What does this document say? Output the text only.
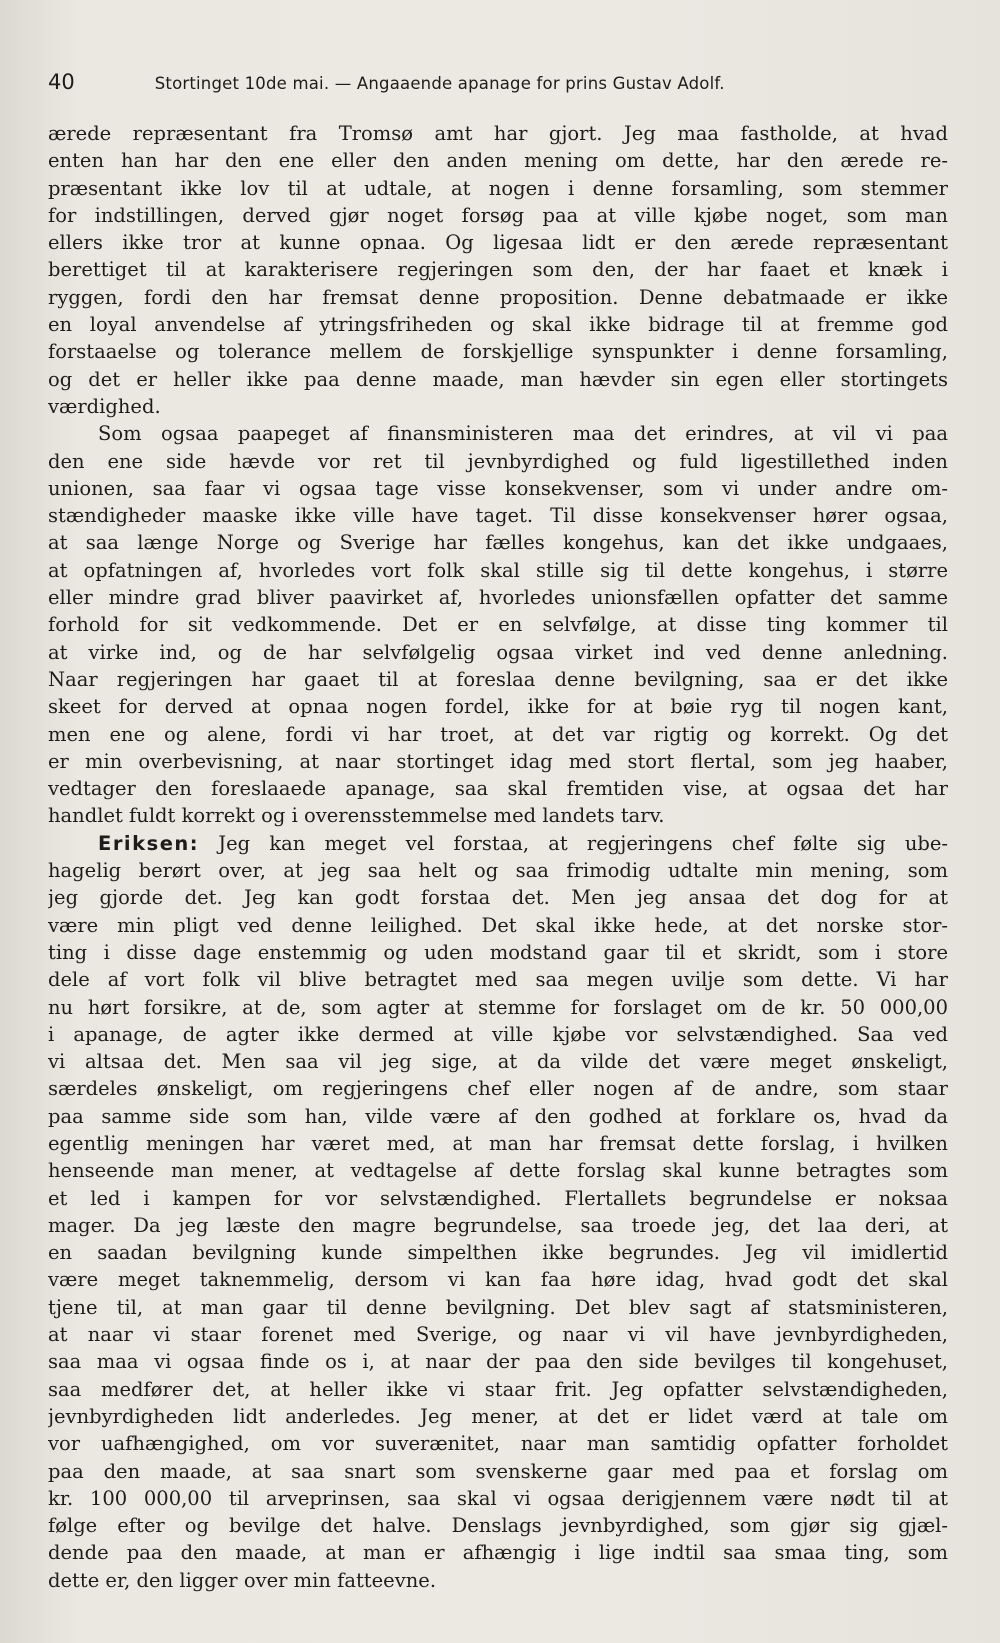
40	Stortinget 10de mai. — Angaaende apanage for prins Gustav Adolf.
ærede repræsentant fra Tromsø amt har gjort. Jeg maa fastholde, at hvad
enten han har den ene eller den anden mening om dette, har den ærede re-
præsentant ikke lov til at udtale, at nogen i denne forsamling, som stemmer
for indstillingen, derved gjør noget forsøg paa at ville kjøbe noget, som man
ellers ikke tror at kunne opnaa. Og ligesaa lidt er den ærede repræsentant
berettiget til at karakterisere regjeringen som den, der har faaet et knæk i
ryggen, fordi den har fremsat denne proposition. Denne debatmaade er ikke
en loyal anvendelse af ytringsfriheden og skal ikke bidrage til at fremme god
forstaaelse og tolerance mellem de forskjellige synspunkter i denne forsamling,
og det er heller ikke paa denne maade, man hævder sin egen eller stortingets
værdighed.
Som ogsaa paapeget af finansministeren maa det erindres, at vil vi paa
den ene side hævde vor ret til jevnbyrdighed og fuld ligestillethed inden
unionen, saa faar vi ogsaa tage visse konsekvenser, som vi under andre om-
stændigheder maaske ikke ville have taget. Til disse konsekvenser hører ogsaa,
at saa længe Norge og Sverige har fælles kongehus, kan det ikke undgaaes,
at opfatningen af, hvorledes vort folk skal stille sig til dette kongehus, i større
eller mindre grad bliver paavirket af, hvorledes unionsfællen opfatter det samme
forhold for sit vedkommende. Det er en selvfølge, at disse ting kommer til
at virke ind, og de har selvfølgelig ogsaa virket ind ved denne anledning.
Naar regjeringen har gaaet til at foreslaa denne bevilgning, saa er det ikke
skeet for derved at opnaa nogen fordel, ikke for at bøie ryg til nogen kant,
men ene og alene, fordi vi har troet, at det var rigtig og korrekt. Og det
er min overbevisning, at naar stortinget idag med stort flertal, som jeg haaber,
vedtager den foreslaaede apanage, saa skal fremtiden vise, at ogsaa det har
handlet fuldt korrekt og i overensstemmelse med landets tarv.
Eriksen: Jeg kan meget vel forstaa, at regjeringens chef følte sig ube-
hagelig berørt over, at jeg saa helt og saa frimodig udtalte min mening, som
jeg gjorde det. Jeg kan godt forstaa det. Men jeg ansaa det dog for at
være min pligt ved denne leilighed. Det skal ikke hede, at det norske stor-
ting i disse dage enstemmig og uden modstand gaar til et skridt, som i store
dele af vort folk vil blive betragtet med saa megen uvilje som dette. Vi har
nu hørt forsikre, at de, som agter at stemme for forslaget om de kr. 50 000,00
i apanage, de agter ikke dermed at ville kjøbe vor selvstændighed. Saa ved
vi altsaa det. Men saa vil jeg sige, at da vilde det være meget ønskeligt,
særdeles ønskeligt, om regjeringens chef eller nogen af de andre, som staar
paa samme side som han, vilde være af den godhed at forklare os, hvad da
egentlig meningen har været med, at man har fremsat dette forslag, i hvilken
henseende man mener, at vedtagelse af dette forslag skal kunne betragtes som
et led i kampen for vor selvstændighed. Flertallets begrundelse er noksaa
mager. Da jeg læste den magre begrundelse, saa troede jeg, det laa deri, at
en saadan bevilgning kunde simpelthen ikke begrundes. Jeg vil imidlertid
være meget taknemmelig, dersom vi kan faa høre idag, hvad godt det skal
tjene til, at man gaar til denne bevilgning. Det blev sagt af statsministeren,
at naar vi staar forenet med Sverige, og naar vi vil have jevnbyrdigheden,
saa maa vi ogsaa finde os i, at naar der paa den side bevilges til kongehuset,
saa medfører det, at heller ikke vi staar frit. Jeg opfatter selvstændigheden,
jevnbyrdigheden lidt anderledes. Jeg mener, at det er lidet værd at tale om
vor uafhængighed, om vor suverænitet, naar man samtidig opfatter forholdet
paa den maade, at saa snart som svenskerne gaar med paa et forslag om
kr. 100 000,00 til arveprinsen, saa skal vi ogsaa derigjennem være nødt til at
følge efter og bevilge det halve. Denslags jevnbyrdighed, som gjør sig gjæl-
dende paa den maade, at man er afhængig i lige indtil saa smaa ting, som
dette er, den ligger over min fatteevne.
